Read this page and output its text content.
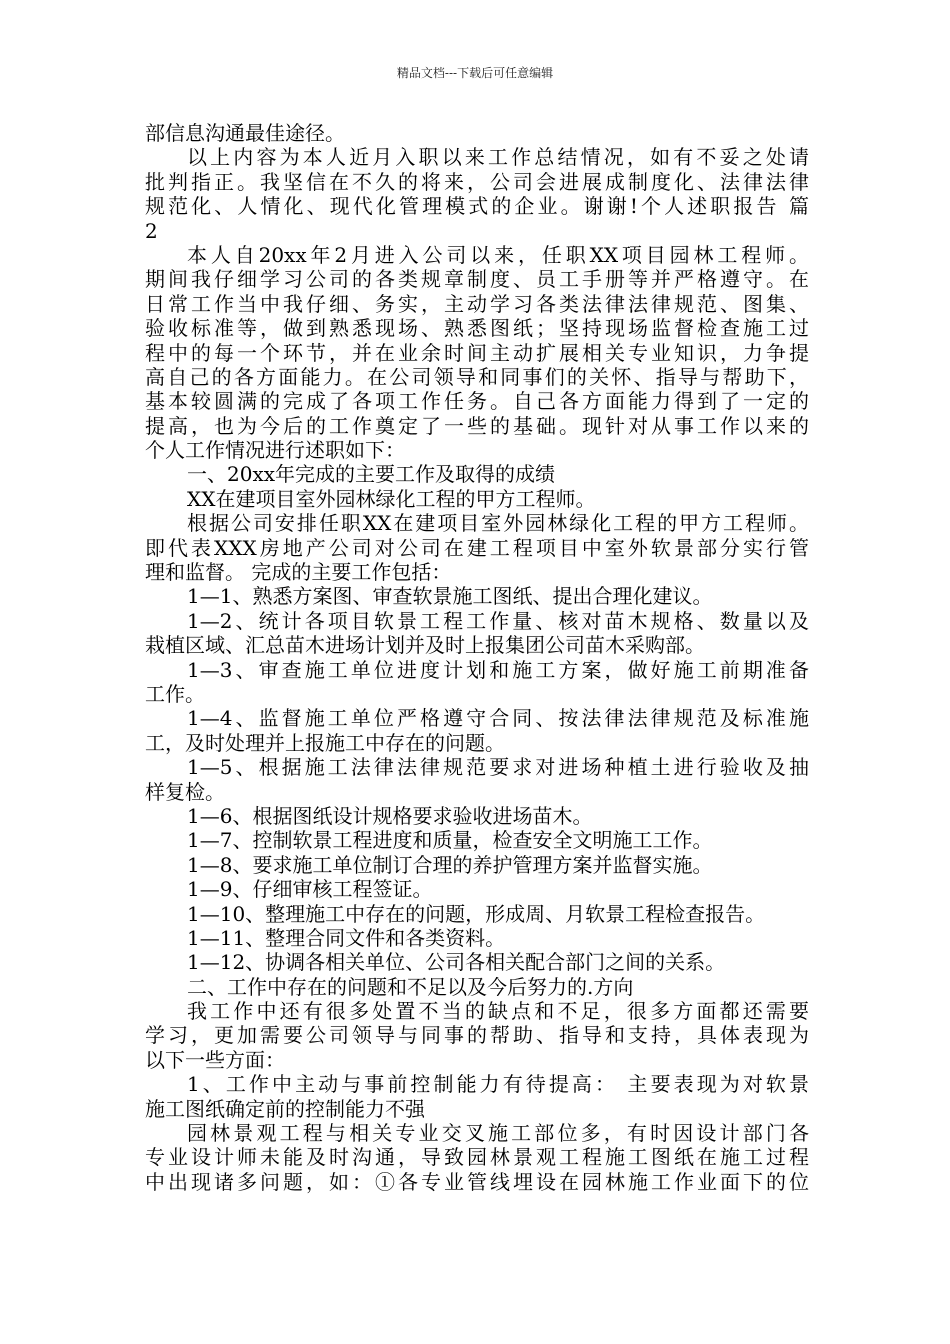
精品文档---下载后可任意编辑
部信息沟通最佳途径。
以上内容为本人近月入职以来工作总结情况，如有不妥之处请
批判指正。我坚信在不久的将来，公司会进展成制度化、法律法律
规范化、人情化、现代化管理模式的企业。谢谢!个人述职报告 篇
2
本人自20xx年2月进入公司以来，任职XX项目园林工程师。
期间我仔细学习公司的各类规章制度、员工手册等并严格遵守。在
日常工作当中我仔细、务实，主动学习各类法律法律规范、图集、
验收标准等，做到熟悉现场、熟悉图纸；坚持现场监督检查施工过
程中的每一个环节，并在业余时间主动扩展相关专业知识，力争提
高自己的各方面能力。在公司领导和同事们的关怀、指导与帮助下，
基本较圆满的完成了各项工作任务。自己各方面能力得到了一定的
提高，也为今后的工作奠定了一些的基础。现针对从事工作以来的
个人工作情况进行述职如下：
一、20xx年完成的主要工作及取得的成绩
XX在建项目室外园林绿化工程的甲方工程师。
根据公司安排任职XX在建项目室外园林绿化工程的甲方工程师。
即代表XXX房地产公司对公司在建工程项目中室外软景部分实行管
理和监督。 完成的主要工作包括：
1—1、熟悉方案图、审查软景施工图纸、提出合理化建议。
1—2、统计各项目软景工程工作量、核对苗木规格、数量以及
栽植区域、汇总苗木进场计划并及时上报集团公司苗木采购部。
1—3、审查施工单位进度计划和施工方案，做好施工前期准备
工作。
1—4、监督施工单位严格遵守合同、按法律法律规范及标准施
工，及时处理并上报施工中存在的问题。
1—5、根据施工法律法律规范要求对进场种植土进行验收及抽
样复检。
1—6、根据图纸设计规格要求验收进场苗木。
1—7、控制软景工程进度和质量，检查安全文明施工工作。
1—8、要求施工单位制订合理的养护管理方案并监督实施。
1—9、仔细审核工程签证。
1—10、整理施工中存在的问题，形成周、月软景工程检查报告。
1—11、整理合同文件和各类资料。
1—12、协调各相关单位、公司各相关配合部门之间的关系。
二、工作中存在的问题和不足以及今后努力的.方向
我工作中还有很多处置不当的缺点和不足，很多方面都还需要
学习，更加需要公司领导与同事的帮助、指导和支持，具体表现为
以下一些方面：
1、工作中主动与事前控制能力有待提高： 主要表现为对软景
施工图纸确定前的控制能力不强
园林景观工程与相关专业交叉施工部位多，有时因设计部门各
专业设计师未能及时沟通，导致园林景观工程施工图纸在施工过程
中出现诸多问题，如：①各专业管线埋设在园林施工作业面下的位
